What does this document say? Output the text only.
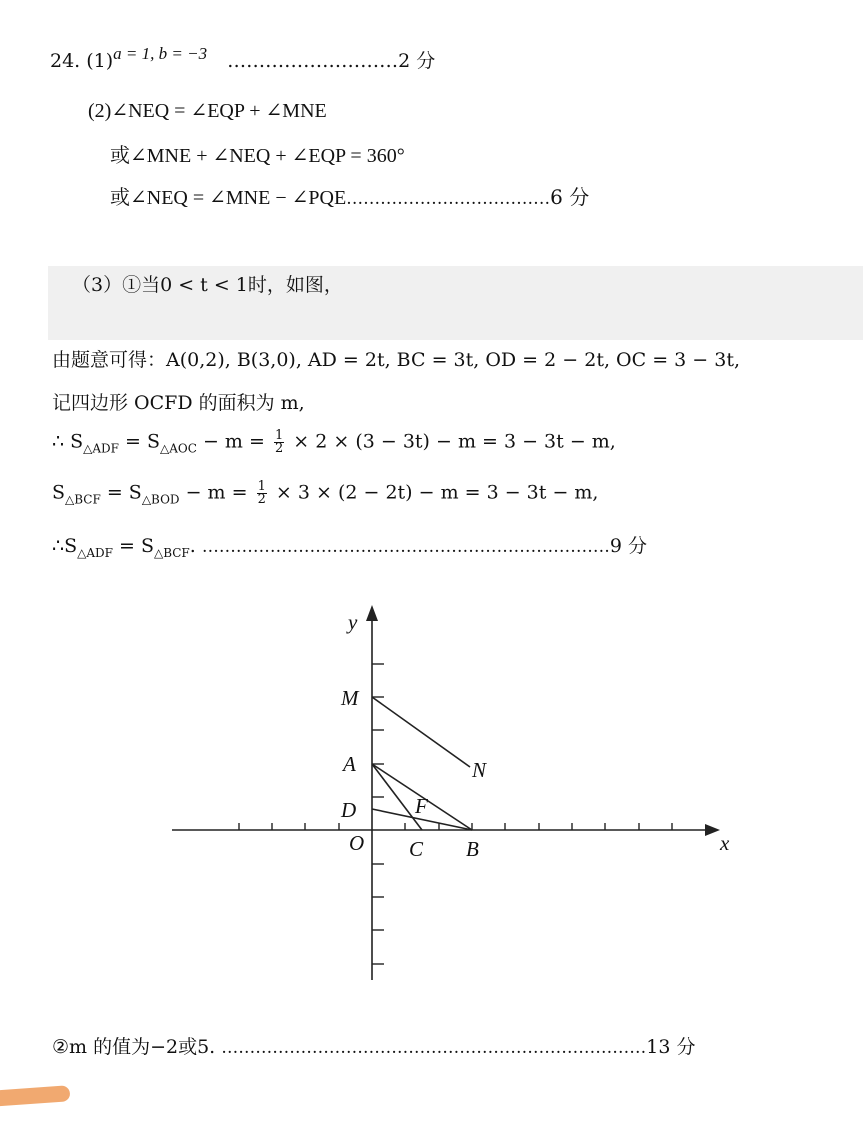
24. (1)a = 1, b = −3 ………………………2 分
(2)∠NEQ = ∠EQP + ∠MNE
或∠MNE + ∠NEQ + ∠EQP = 360°
或∠NEQ = ∠MNE − ∠PQE………………………………6 分
（3）①当0 < t < 1时，如图，
由题意可得：A(0,2), B(3,0), AD = 2t, BC = 3t, OD = 2 − 2t, OC = 3 − 3t,
记四边形 OCFD 的面积为 m,
∴ $S_{\triangle ADF} = S_{\triangle AOC} - m = \frac{1}{2} \times 2 \times (3 - 3t) - m = 3 - 3t - m$,
$S_{\triangle BCF} = S_{\triangle BOD} - m = \frac{1}{2} \times 3 \times (2 - 2t) - m = 3 - 3t - m$,
$\therefore S_{\triangle ADF} = S_{\triangle BCF}$. ………………………………………………………………9 分
y
x
M
N
A
D	F
O C B
②m 的值为−2或5. …………………………………………………………………13 分
